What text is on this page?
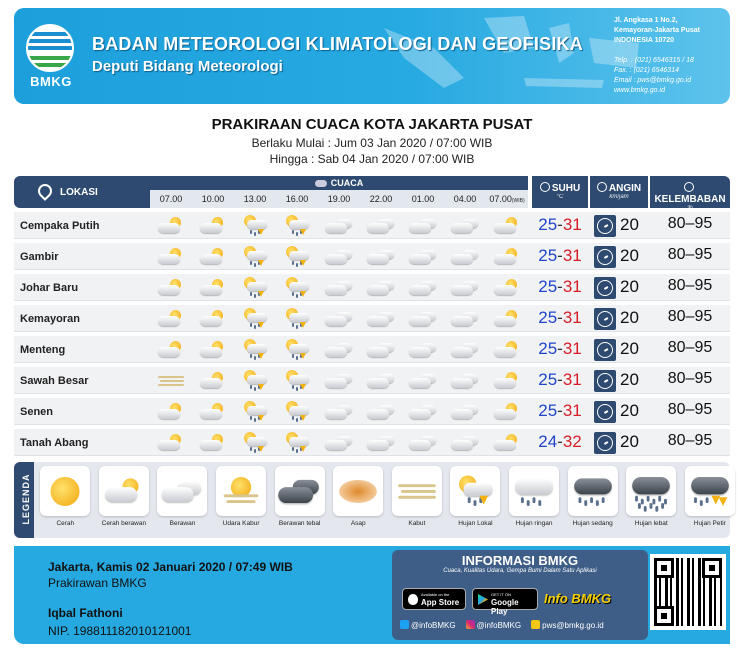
BMKG
BADAN METEOROLOGI KLIMATOLOGI DAN GEOFISIKA
Deputi Bidang Meteorologi
Jl. Angkasa 1 No.2,
Kemayoran-Jakarta Pusat
INDONESIA 10720
Telp. : (021) 6546315 / 18
Fax. : (021) 6546314
Email : pws@bmkg.go.id
www.bmkg.go.id
PRAKIRAAN CUACA KOTA JAKARTA PUSAT
Berlaku Mulai : Jum 03 Jan 2020 / 07:00 WIB
Hingga : Sab 04 Jan 2020 / 07:00 WIB
LOKASI
CUACA
07.00	10.00	13.00	16.00	19.00	22.00	01.00	04.00	07.00(WIB)
SUHU
°C
ANGIN
km/jam	KELEMBABAN
%
Cempaka Putih	25-31	20	80–95
Gambir	25-31	20	80–95
Johar Baru	25-31	20	80–95
Kemayoran	25-31	20	80–95
Menteng	25-31	20	80–95
Sawah Besar	25-31	20	80–95
Senen	25-31	20	80–95
Tanah Abang	24-32	20	80–95
LEGENDA	Cerah	Cerah berawan	Berawan	Udara Kabur	Berawan tebal	Asap	Kabut	Hujan Lokal	Hujan ringan	Hujan sedang	Hujan lebat	Hujan Petir
Jakarta, Kamis 02 Januari 2020 / 07:49 WIB
Prakirawan BMKG
Iqbal Fathoni
NIP. 198811182010121001
INFORMASI BMKG
Cuaca, Kualitas Udara, Gempa Bumi Dalam Satu Aplikasi
Available on the
App Store
GET IT ON
Google Play
Info BMKG
@infoBMKG	@infoBMKG	pws@bmkg.go.id
